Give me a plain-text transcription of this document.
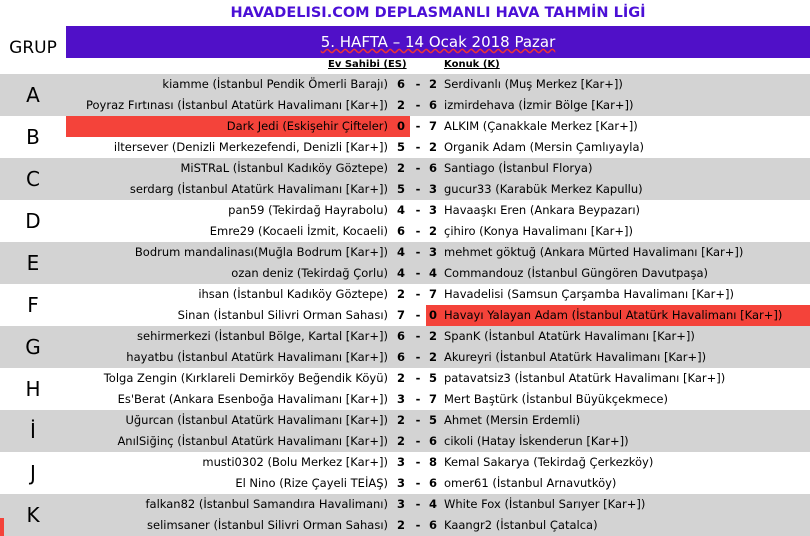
HAVADELISI.COM DEPLASMANLI HAVA TAHMİN LİGİ
GRUP	5. HAFTA – 14 Ocak 2018 Pazar
Ev Sahibi (ES)	Konuk (K)
A	kiamme (İstanbul Pendik Ömerli Barajı) 6 - 2 Serdivanlı (Muş Merkez [Kar+])
Poyraz Fırtınası (İstanbul Atatürk Havalimanı [Kar+]) 2 - 6 izmirdehava (İzmir Bölge [Kar+])
B	Dark Jedi (Eskişehir Çifteler) 0 - 7 ALKIM (Çanakkale Merkez [Kar+])
iltersever (Denizli Merkezefendi, Denizli [Kar+]) 5 - 2 Organik Adam (Mersin Çamlıyayla)
C	MiSTRaL (İstanbul Kadıköy Göztepe) 2 - 6 Santiago (İstanbul Florya)
serdarg (İstanbul Atatürk Havalimanı [Kar+]) 5 - 3 gucur33 (Karabük Merkez Kapullu)
D	pan59 (Tekirdağ Hayrabolu) 4 - 3 Havaaşkı Eren (Ankara Beypazarı)
Emre29 (Kocaeli İzmit, Kocaeli) 6 - 2 çihiro (Konya Havalimanı [Kar+])
E	Bodrum mandalinası(Muğla Bodrum [Kar+]) 4 - 3 mehmet göktuğ (Ankara Mürted Havalimanı [Kar+])
ozan deniz (Tekirdağ Çorlu) 4 - 4 Commandouz (İstanbul Güngören Davutpaşa)
F	ihsan (İstanbul Kadıköy Göztepe) 2 - 7 Havadelisi (Samsun Çarşamba Havalimanı [Kar+])
Sinan (İstanbul Silivri Orman Sahası) 7 - 0 Havayı Yalayan Adam (İstanbul Atatürk Havalimanı [Kar+])
G	sehirmerkezi (İstanbul Bölge, Kartal [Kar+]) 6 - 2 SpanK (İstanbul Atatürk Havalimanı [Kar+])
hayatbu (İstanbul Atatürk Havalimanı [Kar+]) 6 - 2 Akureyri (İstanbul Atatürk Havalimanı [Kar+])
H	Tolga Zengin (Kırklareli Demirköy Beğendik Köyü) 2 - 5 patavatsiz3 (İstanbul Atatürk Havalimanı [Kar+])
Es'Berat (Ankara Esenboğa Havalimanı [Kar+]) 3 - 7 Mert Baştürk (İstanbul Büyükçekmece)
İ	Uğurcan (İstanbul Atatürk Havalimanı [Kar+]) 2 - 5 Ahmet (Mersin Erdemli)
AnılSiğinç (İstanbul Atatürk Havalimanı [Kar+]) 2 - 6 cikoli (Hatay İskenderun [Kar+])
J	musti0302 (Bolu Merkez [Kar+]) 3 - 8 Kemal Sakarya (Tekirdağ Çerkezköy)
El Nino (Rize Çayeli TEİAŞ) 3 - 6 omer61 (İstanbul Arnavutköy)
K	falkan82 (İstanbul Samandıra Havalimanı) 3 - 4 White Fox (İstanbul Sarıyer [Kar+])
selimsaner (İstanbul Silivri Orman Sahası) 2 - 6 Kaangr2 (İstanbul Çatalca)
